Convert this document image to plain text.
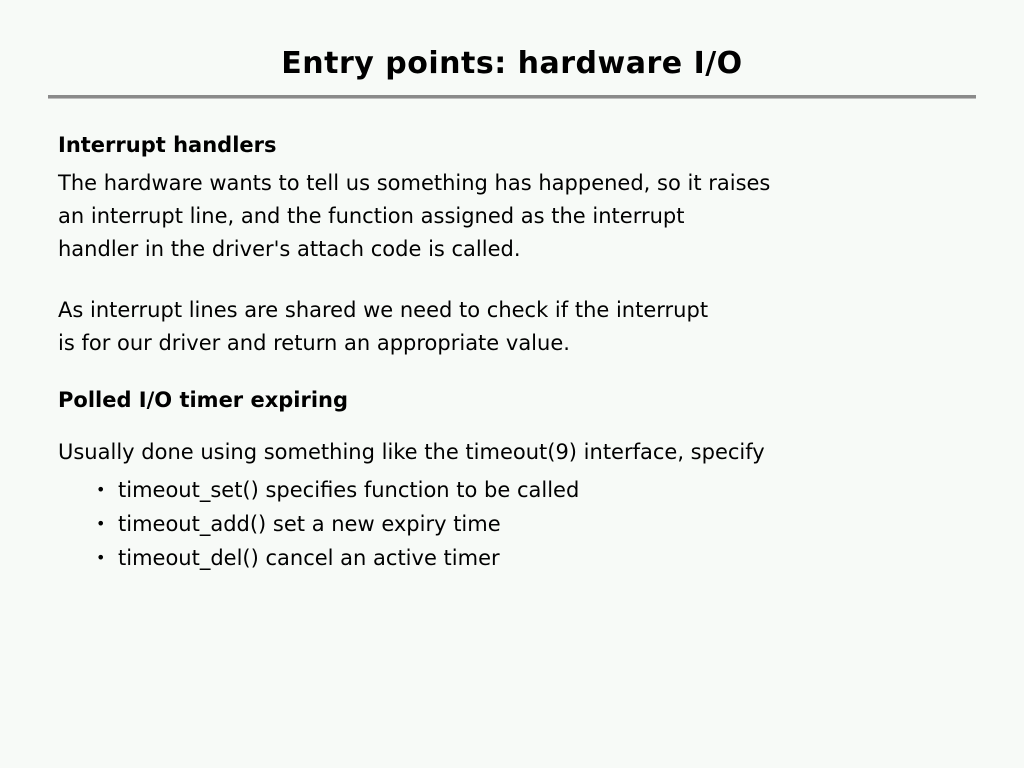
Entry points: hardware I/O
Interrupt handlers

The hardware wants to tell us something has happened, so it raises
an interrupt line, and the function assigned as the interrupt
handler in the driver's attach code is called.

As interrupt lines are shared we need to check if the interrupt
is for our driver and return an appropriate value.

Polled I/O timer expiring

Usually done using something like the timeout(9) interface, specify

• timeout_set() specifies function to be called
• timeout_add() set a new expiry time
• timeout_del() cancel an active timer
